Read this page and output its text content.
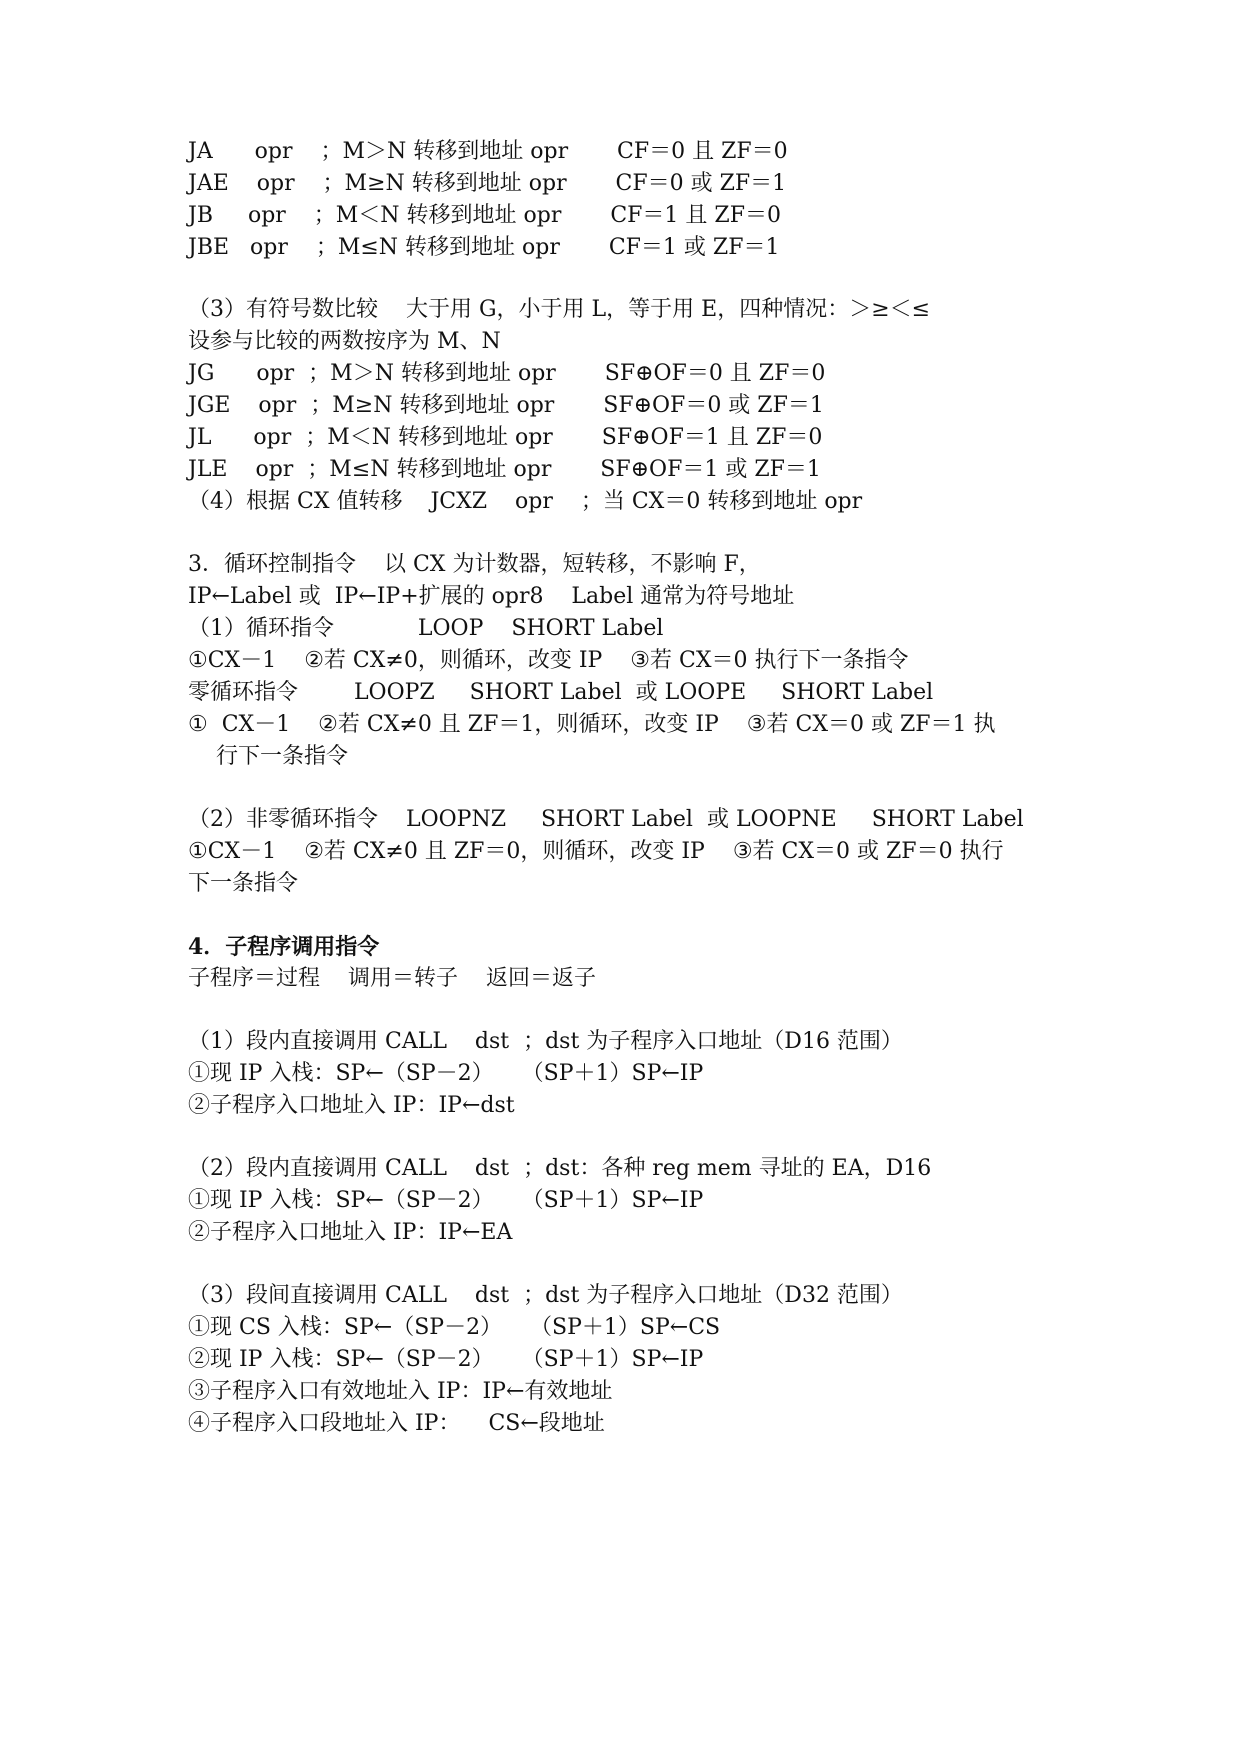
JA      opr    ；M＞N 转移到地址 opr       CF＝0 且 ZF＝0
JAE    opr    ；M≥N 转移到地址 opr       CF＝0 或 ZF＝1
JB     opr    ；M＜N 转移到地址 opr       CF＝1 且 ZF＝0
JBE   opr    ；M≤N 转移到地址 opr       CF＝1 或 ZF＝1
（3）有符号数比较    大于用 G，小于用 L，等于用 E，四种情况：＞≥＜≤
设参与比较的两数按序为 M、N
JG      opr  ；M＞N 转移到地址 opr       SF⊕OF＝0 且 ZF＝0
JGE    opr  ；M≥N 转移到地址 opr       SF⊕OF＝0 或 ZF＝1
JL      opr  ；M＜N 转移到地址 opr       SF⊕OF＝1 且 ZF＝0
JLE    opr  ；M≤N 转移到地址 opr       SF⊕OF＝1 或 ZF＝1
（4）根据 CX 值转移    JCXZ    opr    ；当 CX＝0 转移到地址 opr
3．循环控制指令    以 CX 为计数器，短转移，不影响 F，
IP←Label 或  IP←IP+扩展的 opr8    Label 通常为符号地址
（1）循环指令            LOOP    SHORT Label
①CX－1    ②若 CX≠0，则循环，改变 IP    ③若 CX＝0 执行下一条指令
零循环指令        LOOPZ     SHORT Label  或 LOOPE     SHORT Label
①  CX－1    ②若 CX≠0 且 ZF＝1，则循环，改变 IP    ③若 CX＝0 或 ZF＝1 执
行下一条指令
（2）非零循环指令    LOOPNZ     SHORT Label  或 LOOPNE     SHORT Label
①CX－1    ②若 CX≠0 且 ZF＝0，则循环，改变 IP    ③若 CX＝0 或 ZF＝0 执行
下一条指令
4．子程序调用指令
子程序＝过程    调用＝转子    返回＝返子
（1）段内直接调用 CALL    dst  ；dst 为子程序入口地址（D16 范围）
①现 IP 入栈：SP←（SP－2）    （SP＋1）SP←IP
②子程序入口地址入 IP：IP←dst
（2）段内直接调用 CALL    dst  ；dst：各种 reg mem 寻址的 EA，D16
①现 IP 入栈：SP←（SP－2）    （SP＋1）SP←IP
②子程序入口地址入 IP：IP←EA
（3）段间直接调用 CALL    dst  ；dst 为子程序入口地址（D32 范围）
①现 CS 入栈：SP←（SP－2）    （SP＋1）SP←CS
②现 IP 入栈：SP←（SP－2）    （SP＋1）SP←IP
③子程序入口有效地址入 IP：IP←有效地址
④子程序入口段地址入 IP：    CS←段地址
